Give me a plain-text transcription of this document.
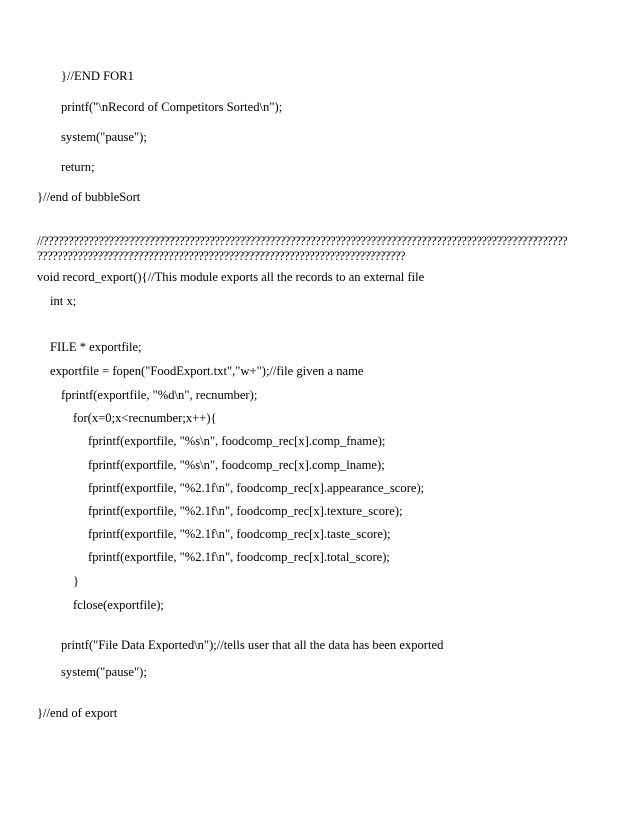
}//END FOR1
printf("\nRecord of Competitors Sorted\n");
system("pause");
return;
}//end of bubbleSort
//????????????????????????????????????????????????????????????????????????????????????????????????????????
?????????????????????????????????????????????????????????????????????????
void record_export(){//This module exports all the records to an external file
int x;
FILE * exportfile;
exportfile = fopen("FoodExport.txt","w+");//file given a name
fprintf(exportfile, "%d\n", recnumber);
for(x=0;x<recnumber;x++){
fprintf(exportfile, "%s\n", foodcomp_rec[x].comp_fname);
fprintf(exportfile, "%s\n", foodcomp_rec[x].comp_lname);
fprintf(exportfile, "%2.1f\n", foodcomp_rec[x].appearance_score);
fprintf(exportfile, "%2.1f\n", foodcomp_rec[x].texture_score);
fprintf(exportfile, "%2.1f\n", foodcomp_rec[x].taste_score);
fprintf(exportfile, "%2.1f\n", foodcomp_rec[x].total_score);
}
fclose(exportfile);
printf("File Data Exported\n");//tells user that all the data has been exported
system("pause");
}//end of export
